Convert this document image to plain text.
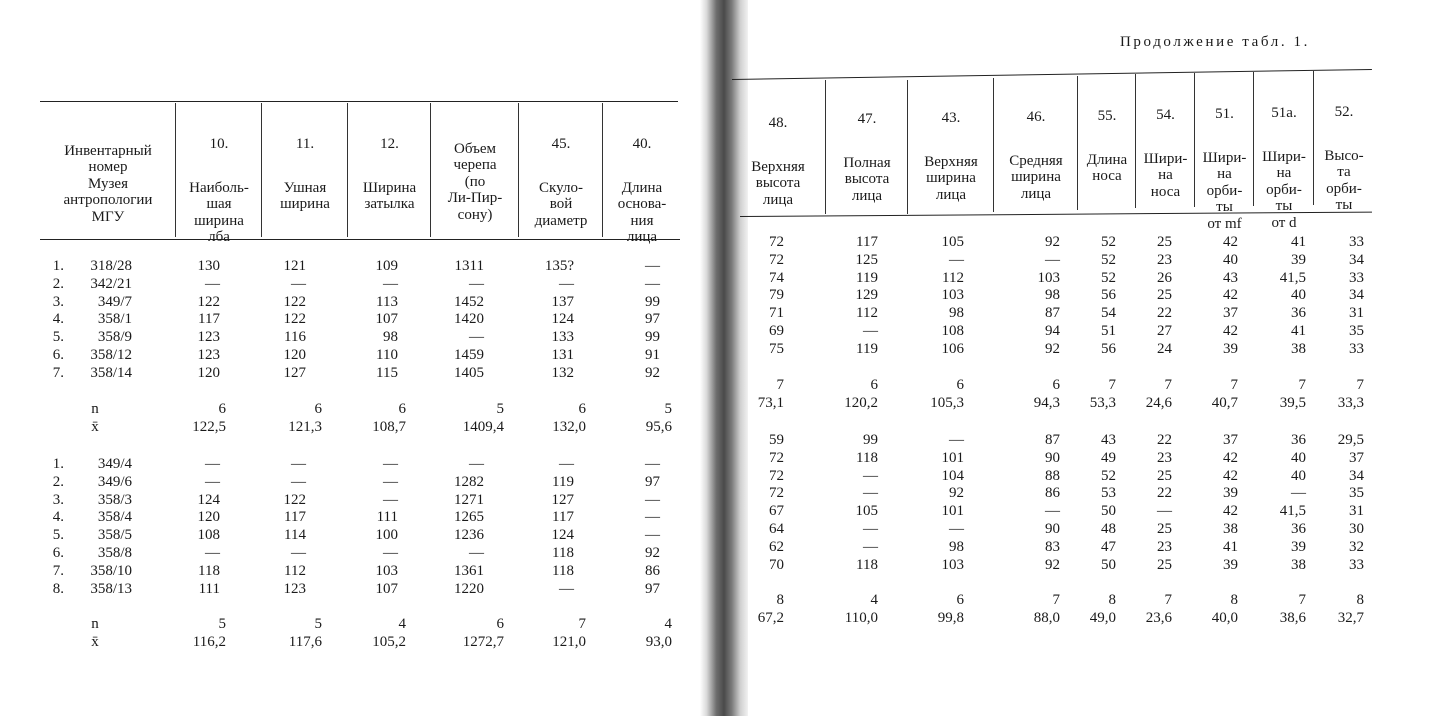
Инвентарный
номер
Музея
антропологии
МГУ

10.

Наиболь-
шая
ширина
лба

11.

Ушная
ширина

12.

Ширина
затылка

Объем
черепа
(по
Ли-Пир-
сону)

45.

Скуло-
вой
диаметр

40.

Длина
основа-
ния
лица

1.
2.
3.
4.
5.
6.
7.
318/28
342/21
349/7
358/1
358/9
358/12
358/14
130
—
122
117
123
123
120
121
—
122
122
116
120
127
109
—
113
107
98
110
115
1311
—
1452
1420
—
1459
1405
135?
—
137
124
133
131
132
—
—
99
97
99
91
92
n
x̄
6
122,5
6
121,3
6
108,7
5
1409,4
6
132,0
5
95,6
1.
2.
3.
4.
5.
6.
7.
8.
349/4
349/6
358/3
358/4
358/5
358/8
358/10
358/13
—
—
124
120
108
—
118
111
—
—
122
117
114
—
112
123
—
—
—
111
100
—
103
107
—
1282
1271
1265
1236
—
1361
1220
—
119
127
117
124
118
118
—
—
97
—
—
—
92
86
97
n
x̄
5
116,2
5
117,6
4
105,2
6
1272,7
7
121,0
4
93,0
Продолжение табл. 1.

48.

Верхняя
высота
лица

47.

Полная
высота
лица

43.

Верхняя
ширина
лица

46.

Средняя
ширина
лица

55.

Длина
носа

54.

Шири-
на
носа

51.

Шири-
на
орби-
ты
от mf

51a.

Шири-
на
орби-
ты
от d

52.

Высо-
та
орби-
ты

72
72
74
79
71
69
75
117
125
119
129
112
—
119
105
—
112
103
98
108
106
92
—
103
98
87
94
92
52
52
52
56
54
51
56
25
23
26
25
22
27
24
42
40
43
42
37
42
39
41
39
41,5
40
36
41
38
33
34
33
34
31
35
33
7
73,1
6
120,2
6
105,3
6
94,3
7
53,3
7
24,6
7
40,7
7
39,5
7
33,3
59
72
72
72
67
64
62
70
99
118
—
—
105
—
—
118
—
101
104
92
101
—
98
103
87
90
88
86
—
90
83
92
43
49
52
53
50
48
47
50
22
23
25
22
—
25
23
25
37
42
42
39
42
38
41
39
36
40
40
—
41,5
36
39
38
29,5
37
34
35
31
30
32
33
8
67,2
4
110,0
6
99,8
7
88,0
8
49,0
7
23,6
8
40,0
7
38,6
8
32,7
